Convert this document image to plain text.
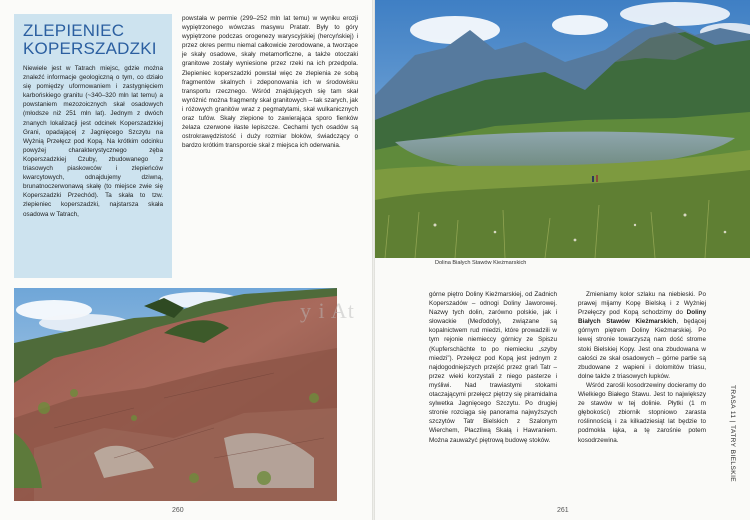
ZLEPIENIEC KOPERSZADZKI
Niewiele jest w Tatrach miejsc, gdzie można znaleźć informacje geologiczną o tym, co działo się pomiędzy uformowaniem i zastygnięciem karbońskiego granitu (~340–320 mln lat temu) a powstaniem mezozoicznych skał osadowych (młodsze niż 251 mln lat). Jednym z dwóch znanych lokalizacji jest odcinek Koperszadzkiej Grani, opadającej z Jagnięcego Szczytu na Wyżnią Przełęcz pod Kopą. Na krótkim odcinku powyżej charakterystycznego zęba Koperszadzkiej Czuby, zbudowanego z triasowych piaskowców i zlepieńców kwarcytowych, odnajdujemy dziwną, brunatnoczerwonawą skałę (to miejsce zwie się Koperszadzki Przechód). Ta skała to tzw. zlepieniec koperszadzki, najstarsza skała osadowa w Tatrach,
powstała w permie (299–252 mln lat temu) w wyniku erozji wypiętrzonego wówczas masywu Pratatr. Były to góry wypiętrzone podczas orogenezy waryscyjskiej (hercyńskiej) i przez okres permu niemal całkowicie zerodowane, a tworzące je skały osadowe, skały metamorficzne, a także otoczaki granitowe zostały wyniesione przez rzeki na ich przedpola. Zlepieniec koperszadzki powstał więc ze zlepienia ze sobą fragmentów skalnych i zdeponowania ich w środowisku transportu rzecznego. Wśród znajdujących się tam skał wyróżnić można fragmenty skał granitowych – tak szarych, jak i różowych granitów wraz z pegmatytami, skał wulkanicznych oraz tufów. Skały zlepione to zawierająca sporo fienków żelaza czerwone iłaste lepiszcze. Cechami tych osadów są ostrokrawędzistość i duży rozmiar bloków, świadczący o bardzo krótkim transporcie skał z miejsca ich oderwania.
260
Dolina Białych Stawów Kieżmarskich
górne piętro Doliny Kieżmarskiej, od Zadnich Koperszadów – odnogi Doliny Jaworowej. Nazwy tych dolin, zarówno polskie, jak i słowackie (Meďodoly), związane są kopalnictwem rud miedzi, które prowadzili w tym rejonie niemieccy górnicy ze Spiszu (Kupferschächte to po niemiecku „szyby miedzi”). Przełęcz pod Kopą jest jednym z najdogodniejszych przejść przez grań Tatr – przez wieki korzystali z niego pasterze i myśliwi. Nad trawiastymi stokami otaczającymi przełęcz piętrzy się piramidalna sylwetka Jagnięcego Szczytu. Po drugiej stronie rozciąga się panorama najwyższych szczytów Tatr Bielskich z Szalonym Wierchem, Płaczliwą Skałą i Hawraniem. Można zauważyć piętrową budowę stoków.

Zmieniamy kolor szlaku na niebieski. Po prawej mijamy Kopę Bielską i z Wyżniej Przełęczy pod Kopą schodzimy do Doliny Białych Stawów Kieżmarskich, będącej górnym piętrem Doliny Kieżmarskiej. Po lewej stronie towarzyszą nam dość strome stoki Bielskiej Kopy. Jest ona zbudowana w całości ze skał osadowych – górne partie są zbudowane z wapieni i dolomitów triasu, dolne także z triasowych łupków.

Wśród zarośli kosodrzewiny docieramy do Wielkiego Białego Stawu. Jest to największy ze stawów w tej dolinie. Płytki (1 m głębokości) zbiornik stopniowo zarasta roślinnością i za kilkadziesiąt lat będzie to podmokła łąka, a tę zarośnie potem kosodrzewina.	TRASA 11 | TATRY BIELSKIE
261
y i At
